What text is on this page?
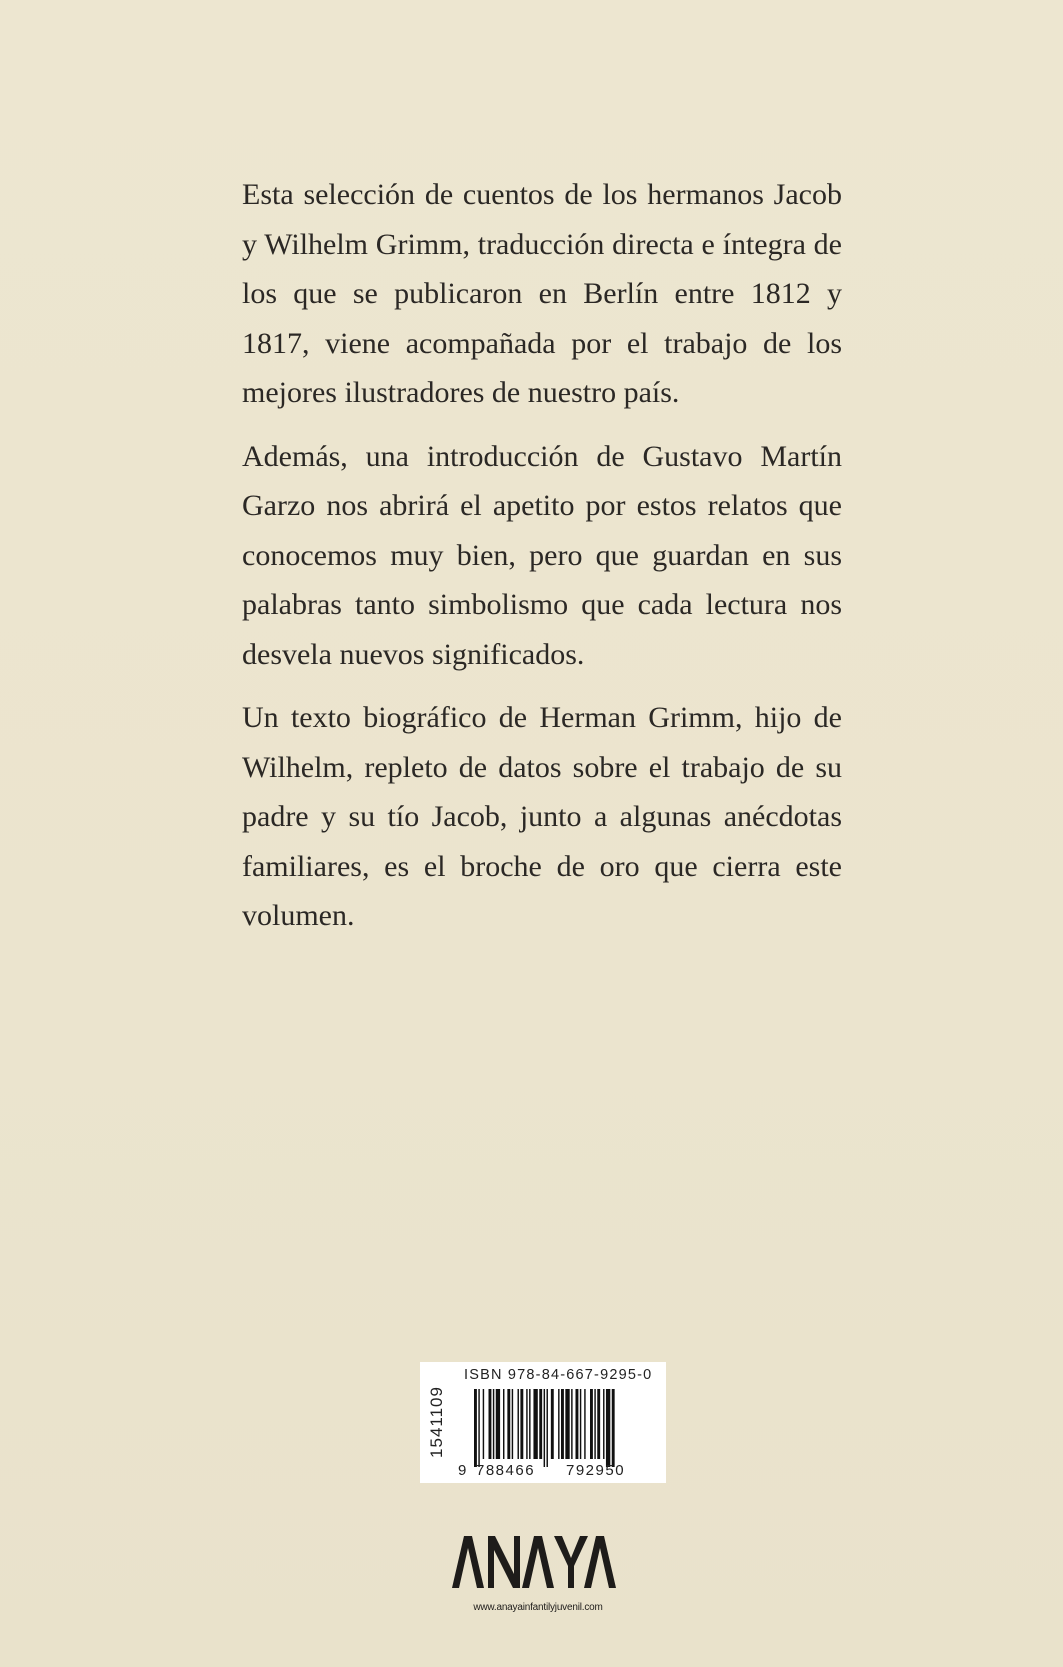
Esta selección de cuentos de los hermanos Jacob y Wilhelm Grimm, traducción directa e íntegra de los que se publicaron en Berlín entre 1812 y 1817, viene acompañada por el trabajo de los mejores ilustradores de nuestro país.

Además, una introducción de Gustavo Martín Garzo nos abrirá el apetito por estos relatos que conocemos muy bien, pero que guardan en sus palabras tanto simbolismo que cada lectura nos desvela nuevos significados.

Un texto biográfico de Herman Grimm, hijo de Wilhelm, repleto de datos sobre el trabajo de su padre y su tío Jacob, junto a algunas anécdotas familiares, es el broche de oro que cierra este volumen.

1541109
ISBN 978-84-667-9295-0
9 788466 792950
www.anayainfantilyjuvenil.com
